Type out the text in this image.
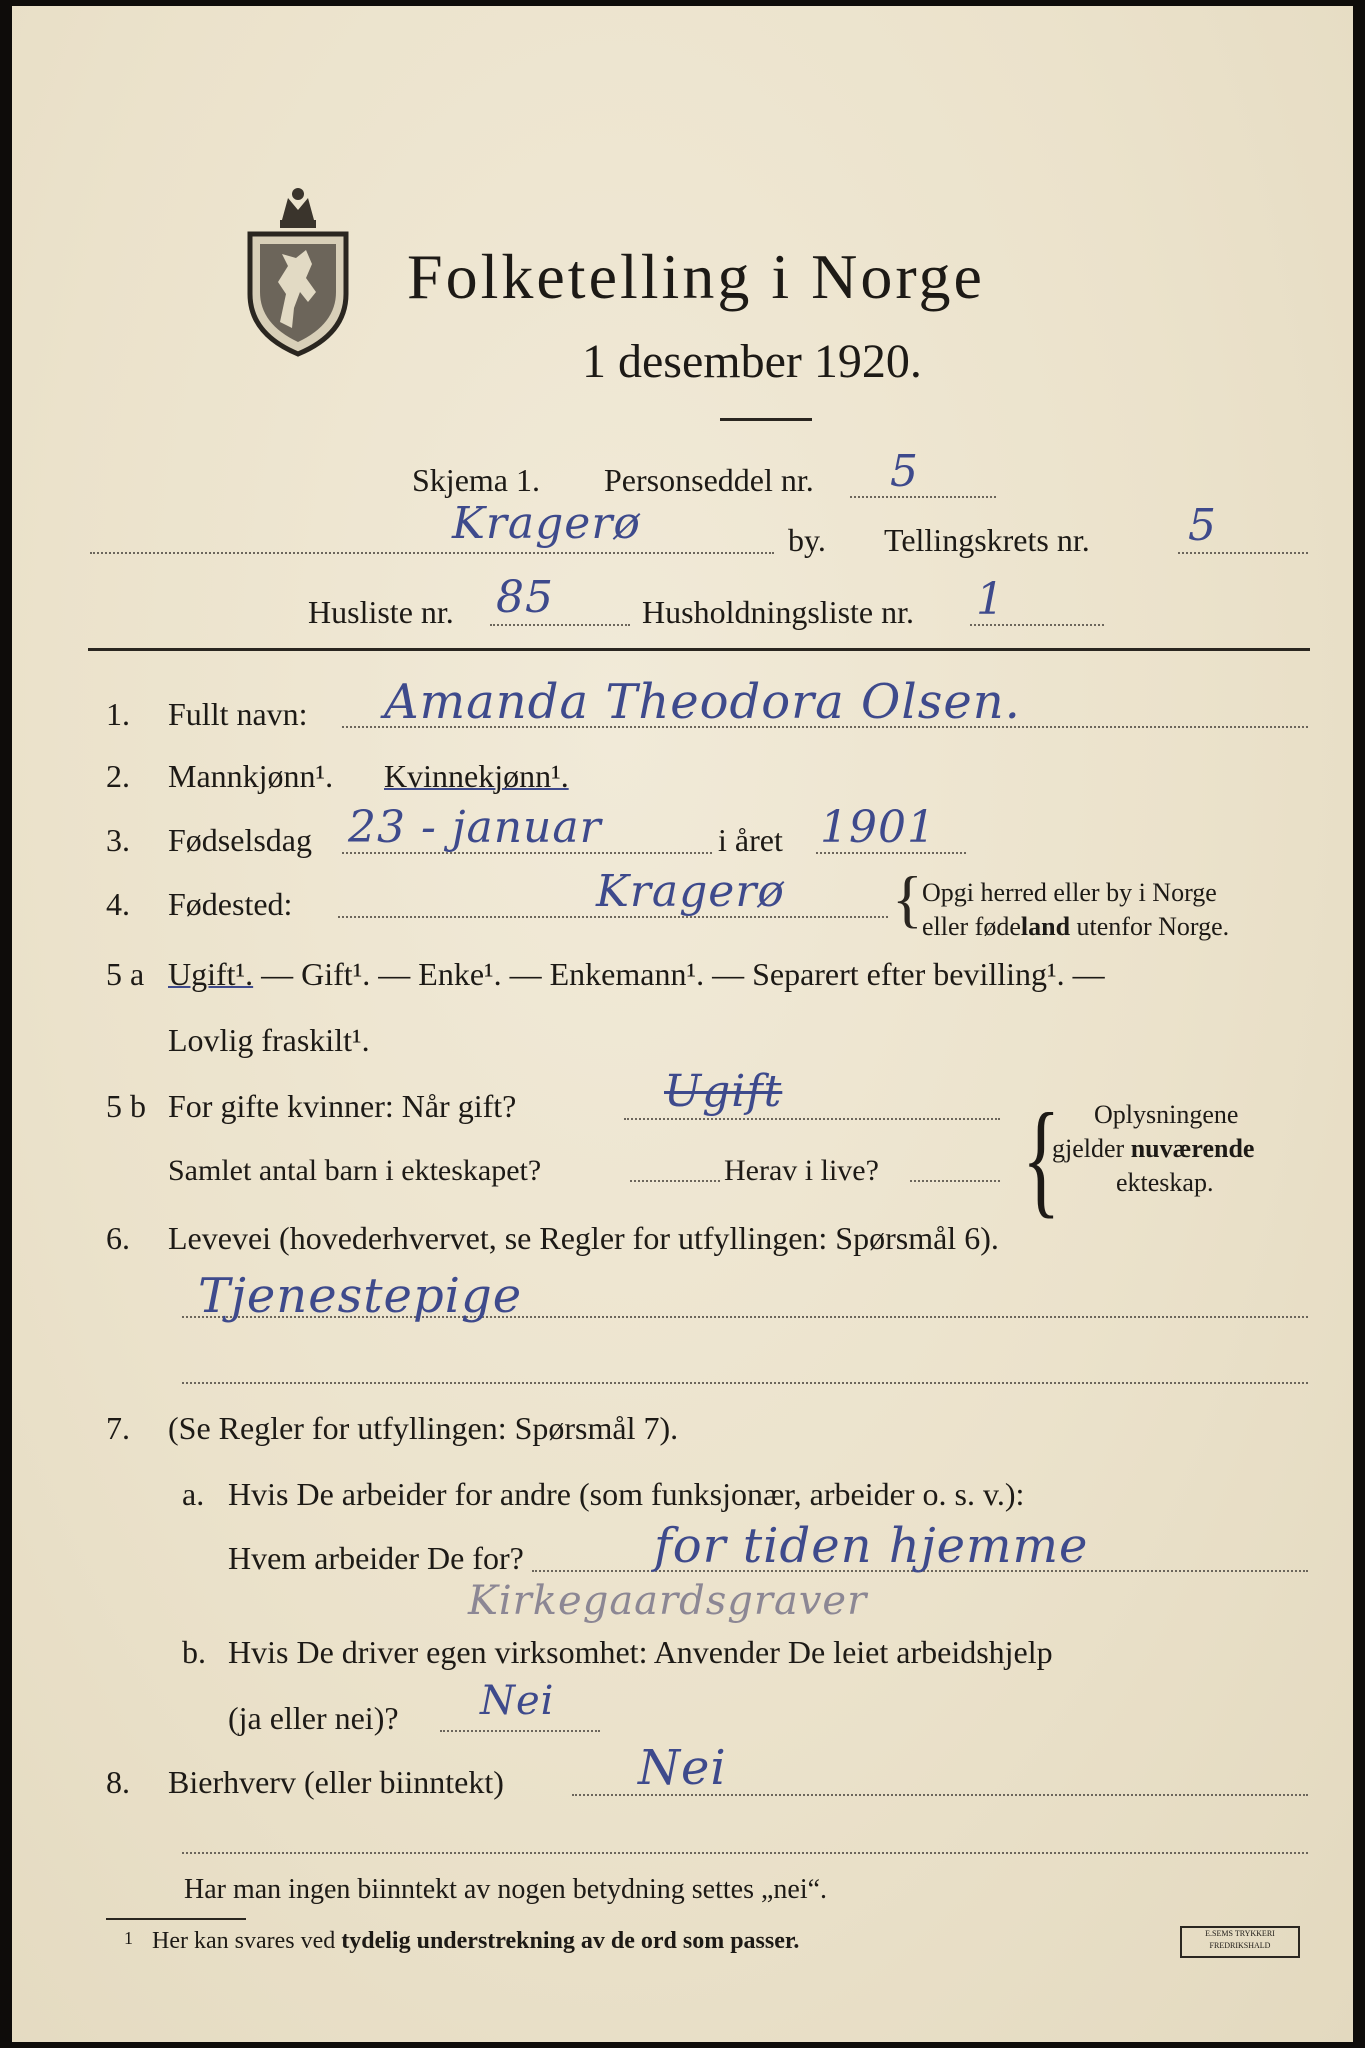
Folketelling i Norge
1 desember 1920.
Skjema 1. Personseddel nr. 5
Kragerø	by. Tellingskrets nr. 5
Husliste nr. 85	Husholdningsliste nr. 1
1. Fullt navn: Amanda Theodora Olsen.
2. Mannkjønn¹. Kvinnekjønn¹.
3. Fødselsdag 23 - januar	i året 1901
4. Fødested:	Kragerø { Opgi herred eller by i Norge
eller fødeland utenfor Norge.
5 a Ugift¹. — Gift¹. — Enke¹. — Enkemann¹. — Separert efter bevilling¹. —
Lovlig fraskilt¹.
5 b For gifte kvinner: Når gift?	Ugift
Samlet antal barn i ekteskapet?	Herav i live? { Oplysningene
gjelder nuværende
ekteskap.
6. Levevei (hovederhvervet, se Regler for utfyllingen: Spørsmål 6).
Tjenestepige
7. (Se Regler for utfyllingen: Spørsmål 7).
a. Hvis De arbeider for andre (som funksjonær, arbeider o. s. v.):
Hvem arbeider De for?	for tiden hjemme
Kirkegaardsgraver
b. Hvis De driver egen virksomhet: Anvender De leiet arbeidshjelp
(ja eller nei)? Nei
8. Bierhverv (eller biinntekt)	Nei
Har man ingen biinntekt av nogen betydning settes „nei“.
1 Her kan svares ved tydelig understrekning av de ord som passer.	E.SEMS TRYKKERI FREDRIKSHALD
